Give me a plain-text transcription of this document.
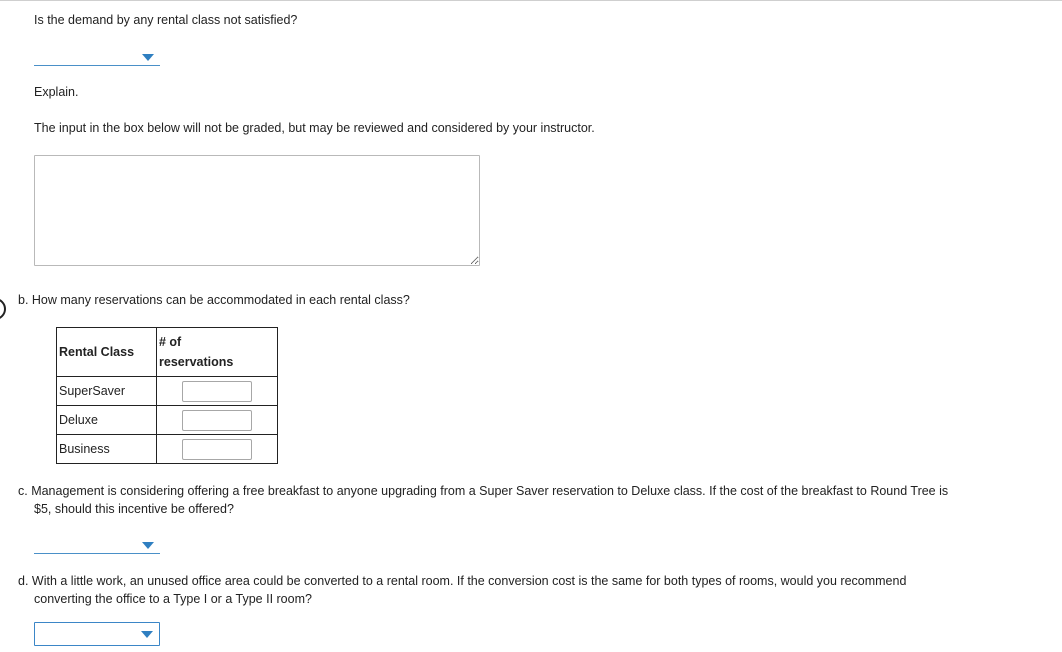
Is the demand by any rental class not satisfied?
Explain.
The input in the box below will not be graded, but may be reviewed and considered by your instructor.
b. How many reservations can be accommodated in each rental class?
Rental Class	# of
reservations
SuperSaver	

Deluxe	

Business	
c. Management is considering offering a free breakfast to anyone upgrading from a Super Saver reservation to Deluxe class. If the cost of the breakfast to Round Tree is
$5, should this incentive be offered?
d. With a little work, an unused office area could be converted to a rental room. If the conversion cost is the same for both types of rooms, would you recommend
converting the office to a Type I or a Type II room?
